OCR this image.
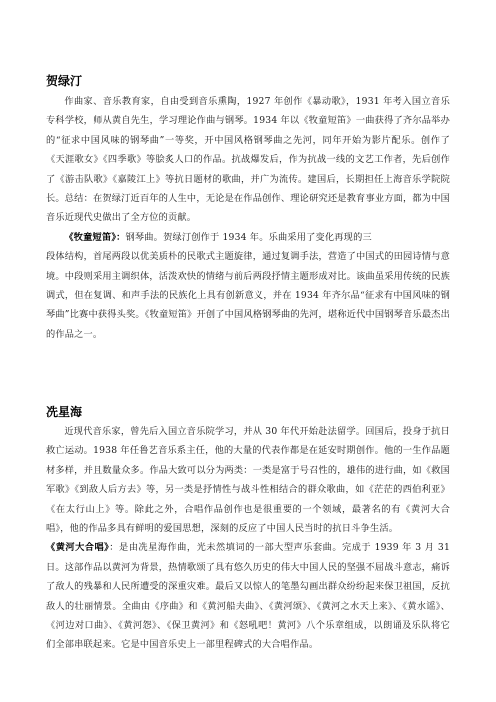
贺绿汀

作曲家、音乐教育家，自由受到音乐熏陶，1927 年创作《暴动歌》，1931 年考入国立音乐专科学校，师从黄自先生，学习理论作曲与钢琴。1934 年以《牧童短笛》一曲获得了齐尔品举办的“征求中国风味的钢琴曲”一等奖，开中国风格钢琴曲之先河，同年开始为影片配乐。创作了《天涯歌女》《四季歌》等脍炙人口的作品。抗战爆发后，作为抗战一线的文艺工作者，先后创作了《游击队歌》《嘉陵江上》等抗日题材的歌曲，并广为流传。建国后，长期担任上海音乐学院院长。总结：在贺绿汀近百年的人生中，无论是在作品创作、理论研究还是教育事业方面，都为中国音乐近现代史做出了全方位的贡献。

《牧童短笛》：钢琴曲。贺绿汀创作于 1934 年。乐曲采用了变化再现的三

段体结构，首尾两段以优美质朴的民歌式主题旋律，通过复调手法，营造了中国式的田园诗情与意境。中段则采用主调织体，活泼欢快的情绪与前后两段抒情主题形成对比。该曲虽采用传统的民族调式，但在复调、和声手法的民族化上具有创新意义，并在 1934 年齐尔品“征求有中国风味的钢琴曲”比赛中获得头奖。《牧童短笛》开创了中国风格钢琴曲的先河，堪称近代中国钢琴音乐最杰出的作品之一。

冼星海

近现代音乐家，曾先后入国立音乐院学习，并从 30 年代开始赴法留学。回国后，投身于抗日救亡运动。1938 年任鲁艺音乐系主任，他的大量的代表作都是在延安时期创作。他的一生作品题材多样，并且数量众多。作品大致可以分为两类：一类是富于号召性的，雄伟的进行曲，如《救国军歌》《到敌人后方去》等，另一类是抒情性与战斗性相结合的群众歌曲，如《茫茫的西伯利亚》《在太行山上》等。除此之外，合唱作品创作也是很重要的一个领域，最著名的有《黄河大合唱》，他的作品多具有鲜明的爱国思想，深刻的反应了中国人民当时的抗日斗争生活。

《黄河大合唱》：是由冼星海作曲，光未然填词的一部大型声乐套曲。完成于 1939 年 3 月 31 日。这部作品以黄河为背景，热情歌颂了具有悠久历史的伟大中国人民的坚强不屈战斗意志，痛诉了敌人的残暴和人民所遭受的深重灾难。最后又以惊人的笔墨勾画出群众纷纷起来保卫祖国，反抗敌人的壮丽情景。全曲由《序曲》和《黄河船夫曲》、《黄河颂》、《黄河之水天上来》、《黄水谣》、《河边对口曲》、《黄河怨》、《保卫黄河》和《怒吼吧！黄河》八个乐章组成，以朗诵及乐队将它们全部串联起来。它是中国音乐史上一部里程碑式的大合唱作品。
